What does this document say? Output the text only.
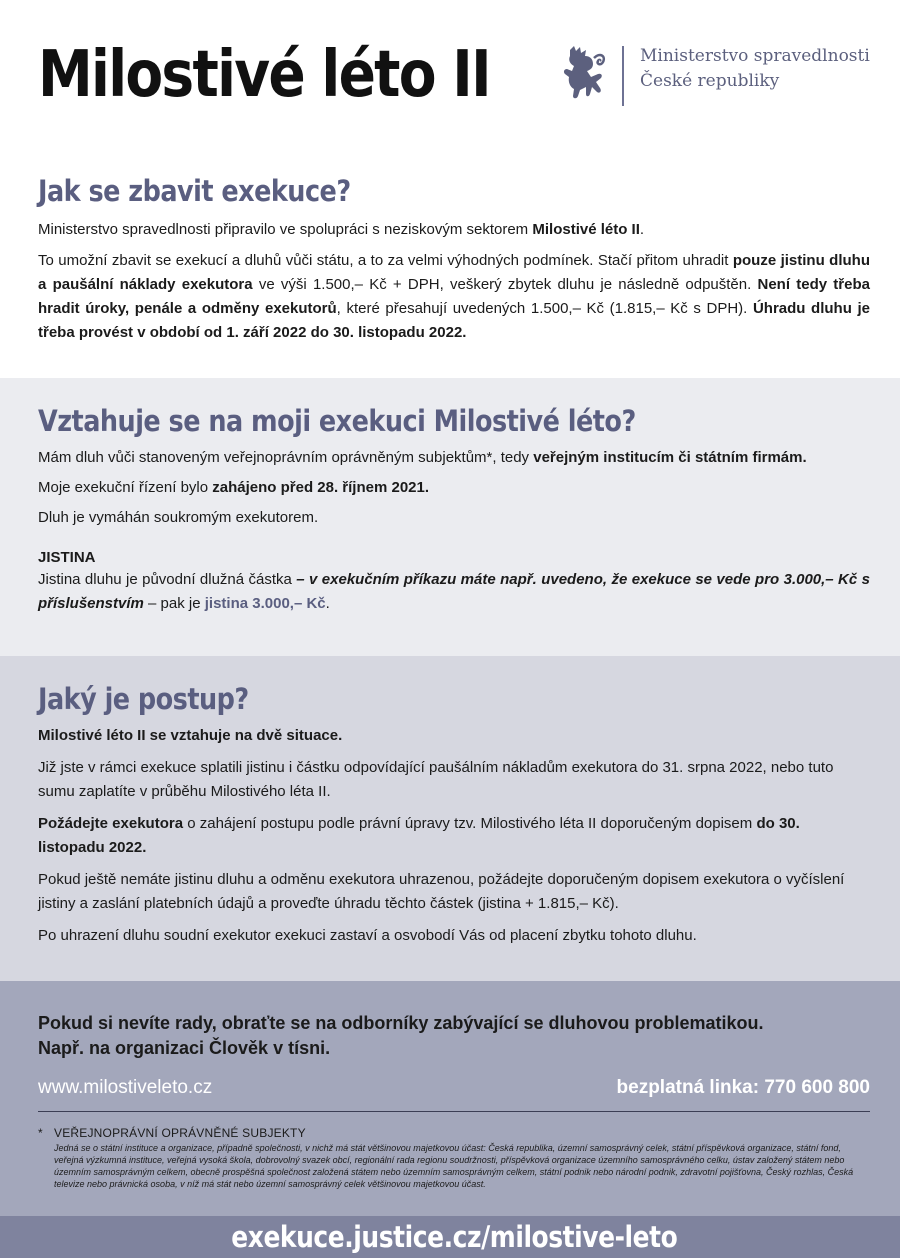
Milostivé léto II	Ministerstvo spravedlnosti
České republiky
Jak se zbavit exekuce?

Ministerstvo spravedlnosti připravilo ve spolupráci s neziskovým sektorem Milostivé léto II.

To umožní zbavit se exekucí a dluhů vůči státu, a to za velmi výhodných podmínek. Stačí přitom uhradit pouze jistinu dluhu a paušální náklady exekutora ve výši 1.500,– Kč + DPH, veškerý zbytek dluhu je následně odpuštěn. Není tedy třeba hradit úroky, penále a odměny exekutorů, které přesahují uvedených 1.500,– Kč (1.815,– Kč s DPH). Úhradu dluhu je třeba provést v období od 1. září 2022 do 30. listopadu 2022.

Vztahuje se na moji exekuci Milostivé léto?

Mám dluh vůči stanoveným veřejnoprávním oprávněným subjektům*, tedy veřejným institucím či státním firmám.

Moje exekuční řízení bylo zahájeno před 28. říjnem 2021.

Dluh je vymáhán soukromým exekutorem.

JISTINA

Jistina dluhu je původní dlužná částka – v exekučním příkazu máte např. uvedeno, že exekuce se vede pro 3.000,– Kč s příslušenstvím – pak je jistina 3.000,– Kč.

Jaký je postup?

Milostivé léto II se vztahuje na dvě situace.

Již jste v rámci exekuce splatili jistinu i částku odpovídající paušálním nákladům exekutora do 31. srpna 2022, nebo tuto sumu zaplatíte v průběhu Milostivého léta II.

Požádejte exekutora o zahájení postupu podle právní úpravy tzv. Milostivého léta II doporučeným dopisem do 30. listopadu 2022.

Pokud ještě nemáte jistinu dluhu a odměnu exekutora uhrazenou, požádejte doporučeným dopisem exekutora o vyčíslení jistiny a zaslání platebních údajů a proveďte úhradu těchto částek (jistina + 1.815,– Kč).

Po uhrazení dluhu soudní exekutor exekuci zastaví a osvobodí Vás od placení zbytku tohoto dluhu.

Pokud si nevíte rady, obraťte se na odborníky zabývající se dluhovou problematikou.
Např. na organizaci Člověk v tísni.
www.milostiveleto.cz	bezplatná linka: 770 600 800
* VEŘEJNOPRÁVNÍ OPRÁVNĚNÉ SUBJEKTY
Jedná se o státní instituce a organizace, případně společnosti, v nichž má stát většinovou majetkovou účast: Česká republika, územní samosprávný celek, státní příspěvková organizace, státní fond, veřejná výzkumná instituce, veřejná vysoká škola, dobrovolný svazek obcí, regionální rada regionu soudržnosti, příspěvková organizace územního samosprávného celku, ústav založený státem nebo územním samosprávným celkem, obecně prospěšná společnost založená státem nebo územním samosprávným celkem, státní podnik nebo národní podnik, zdravotní pojišťovna, Český rozhlas, Česká televize nebo právnická osoba, v níž má stát nebo územní samosprávný celek většinovou majetkovou účast.
exekuce.justice.cz/milostive-leto
